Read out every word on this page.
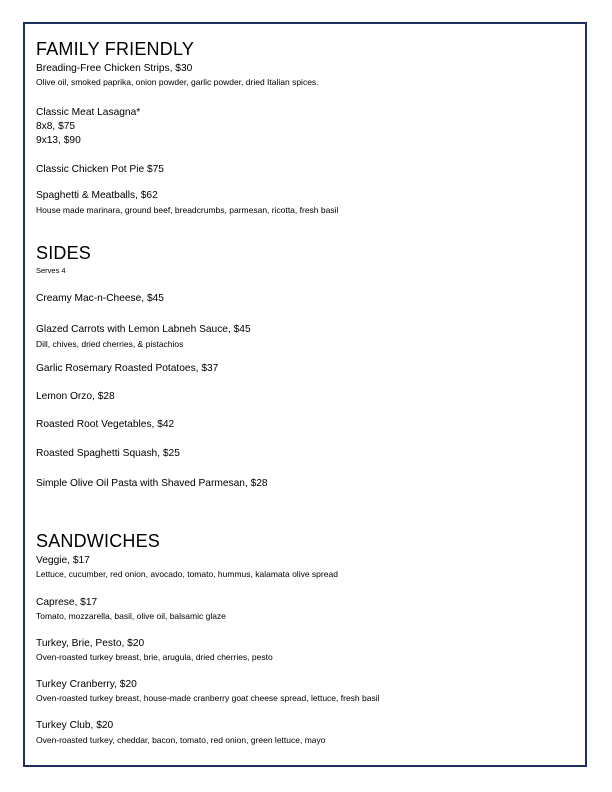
FAMILY FRIENDLY
Breading-Free Chicken Strips, $30
Olive oil, smoked paprika, onion powder, garlic powder, dried Italian spices.
Classic Meat Lasagna*
8x8, $75
9x13, $90
Classic Chicken Pot Pie $75
Spaghetti & Meatballs, $62
House made marinara, ground beef, breadcrumbs, parmesan, ricotta, fresh basil
SIDES
Serves 4
Creamy Mac-n-Cheese, $45
Glazed Carrots with Lemon Labneh Sauce, $45
Dill, chives, dried cherries, & pistachios
Garlic Rosemary Roasted Potatoes, $37
Lemon Orzo, $28
Roasted Root Vegetables, $42
Roasted Spaghetti Squash, $25
Simple Olive Oil Pasta with Shaved Parmesan, $28
SANDWICHES
Veggie, $17
Lettuce, cucumber, red onion, avocado, tomato, hummus, kalamata olive spread
Caprese, $17
Tomato, mozzarella, basil, olive oil, balsamic glaze
Turkey, Brie, Pesto, $20
Oven-roasted turkey breast, brie, arugula, dried cherries, pesto
Turkey Cranberry, $20
Oven-roasted turkey breast, house-made cranberry goat cheese spread, lettuce, fresh basil
Turkey Club, $20
Oven-roasted turkey, cheddar, bacon, tomato, red onion, green lettuce, mayo
